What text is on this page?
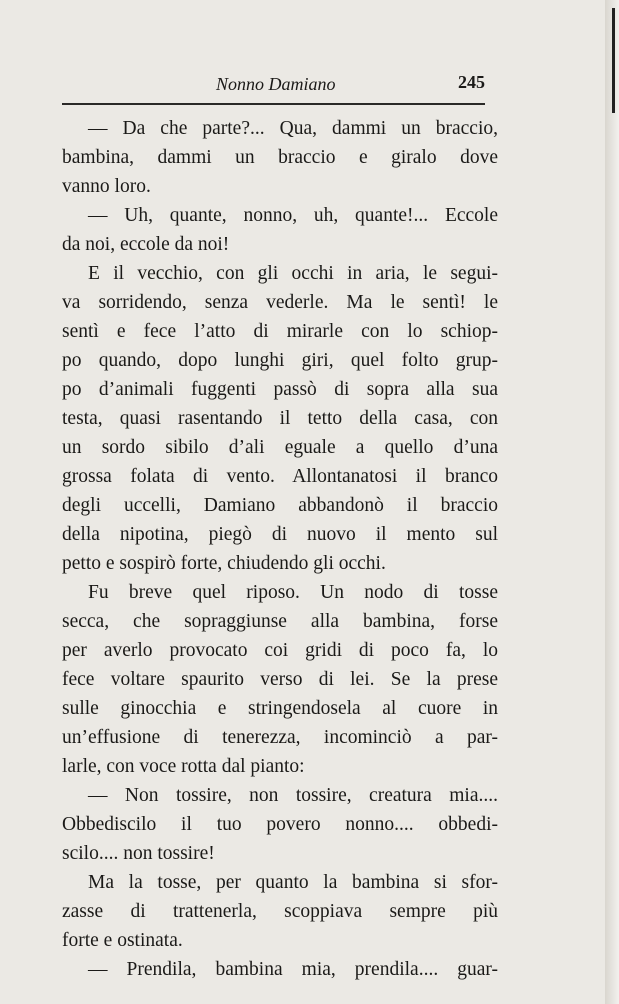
Nonno Damiano	245
— Da che parte?... Qua, dammi un braccio,
bambina, dammi un braccio e giralo dove
vanno loro.
— Uh, quante, nonno, uh, quante!... Eccole
da noi, eccole da noi!
E il vecchio, con gli occhi in aria, le segui-
va sorridendo, senza vederle. Ma le sentì! le
sentì e fece l’atto di mirarle con lo schiop-
po quando, dopo lunghi giri, quel folto grup-
po d’animali fuggenti passò di sopra alla sua
testa, quasi rasentando il tetto della casa, con
un sordo sibilo d’ali eguale a quello d’una
grossa folata di vento. Allontanatosi il branco
degli uccelli, Damiano abbandonò il braccio
della nipotina, piegò di nuovo il mento sul
petto e sospirò forte, chiudendo gli occhi.
Fu breve quel riposo. Un nodo di tosse
secca, che sopraggiunse alla bambina, forse
per averlo provocato coi gridi di poco fa, lo
fece voltare spaurito verso di lei. Se la prese
sulle ginocchia e stringendosela al cuore in
un’effusione di tenerezza, incominciò a par-
larle, con voce rotta dal pianto:
— Non tossire, non tossire, creatura mia....
Obbediscilo il tuo povero nonno.... obbedi-
scilo.... non tossire!
Ma la tosse, per quanto la bambina si sfor-
zasse di trattenerla, scoppiava sempre più
forte e ostinata.
— Prendila, bambina mia, prendila.... guar-
